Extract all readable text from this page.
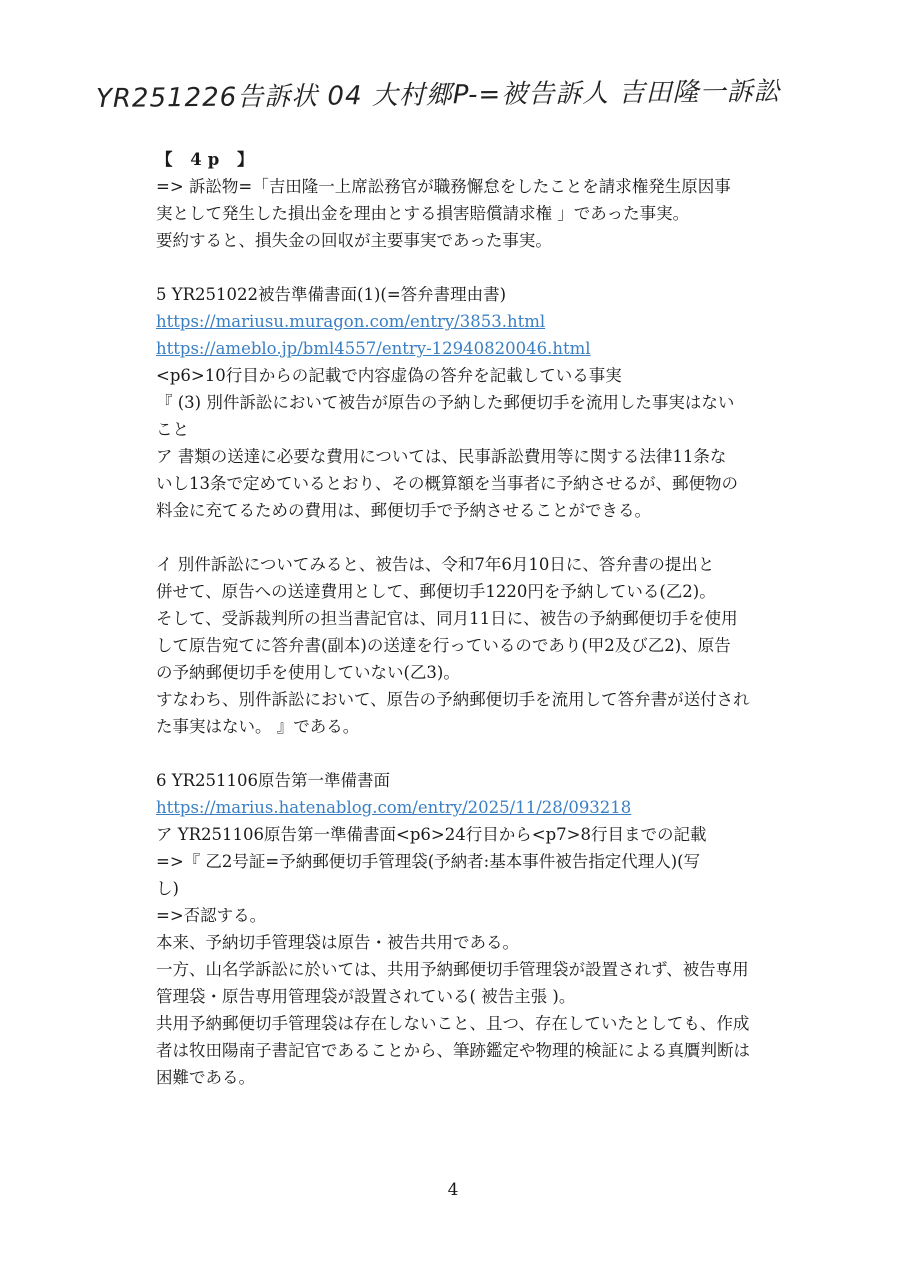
YR251226告訴状 04 大村郷P-=被告訴人 吉田隆一訴訟
【 4p 】
=> 訴訟物=「吉田隆一上席訟務官が職務懈怠をしたことを請求権発生原因事
実として発生した損出金を理由とする損害賠償請求権 」であった事実。
要約すると、損失金の回収が主要事実であった事実。
5 YR251022被告準備書面(1)(=答弁書理由書)
https://mariusu.muragon.com/entry/3853.html
https://ameblo.jp/bml4557/entry-12940820046.html
<p6>10行目からの記載で内容虚偽の答弁を記載している事実
『 (3) 別件訴訟において被告が原告の予納した郵便切手を流用した事実はない
こと
ア 書類の送達に必要な費用については、民事訴訟費用等に関する法律11条な
いし13条で定めているとおり、その概算額を当事者に予納させるが、郵便物の
料金に充てるための費用は、郵便切手で予納させることができる。
イ 別件訴訟についてみると、被告は、令和7年6月10日に、答弁書の提出と
併せて、原告への送達費用として、郵便切手1220円を予納している(乙2)。
そして、受訴裁判所の担当書記官は、同月11日に、被告の予納郵便切手を使用
して原告宛てに答弁書(副本)の送達を行っているのであり(甲2及び乙2)、原告
の予納郵便切手を使用していない(乙3)。
すなわち、別件訴訟において、原告の予納郵便切手を流用して答弁書が送付され
た事実はない。 』である。
6 YR251106原告第一準備書面
https://marius.hatenablog.com/entry/2025/11/28/093218
ア YR251106原告第一準備書面<p6>24行目から<p7>8行目までの記載
=>『 乙2号証=予納郵便切手管理袋(予納者:基本事件被告指定代理人)(写
し)
=>否認する。
本来、予納切手管理袋は原告・被告共用である。
一方、山名学訴訟に於いては、共用予納郵便切手管理袋が設置されず、被告専用
管理袋・原告専用管理袋が設置されている( 被告主張 )。
共用予納郵便切手管理袋は存在しないこと、且つ、存在していたとしても、作成
者は牧田陽南子書記官であることから、筆跡鑑定や物理的検証による真贋判断は
困難である。
4
